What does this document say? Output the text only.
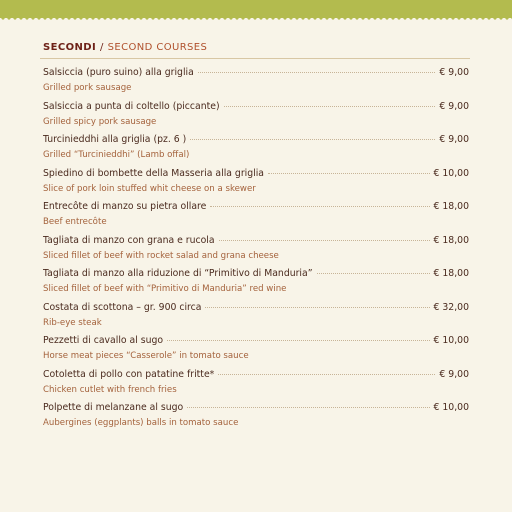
SECONDI / SECOND COURSES
Salsiccia (puro suino) alla griglia	€ 9,00
Grilled pork sausage
Salsiccia a punta di coltello (piccante)	€ 9,00
Grilled spicy pork sausage
Turcinieddhi alla griglia (pz. 6 )	€ 9,00
Grilled “Turcinieddhi” (Lamb offal)
Spiedino di bombette della Masseria alla griglia	€ 10,00
Slice of pork loin stuffed whit cheese on a skewer
Entrecôte di manzo su pietra ollare	€ 18,00
Beef entrecôte
Tagliata di manzo con grana e rucola	€ 18,00
Sliced fillet of beef with rocket salad and grana cheese
Tagliata di manzo alla riduzione di “Primitivo di Manduria”	€ 18,00
Sliced fillet of beef with “Primitivo di Manduria” red wine
Costata di scottona – gr. 900 circa	€ 32,00
Rib-eye steak
Pezzetti di cavallo al sugo	€ 10,00
Horse meat pieces “Casserole” in tomato sauce
Cotoletta di pollo con patatine fritte*	€ 9,00
Chicken cutlet with french fries
Polpette di melanzane al sugo	€ 10,00
Aubergines (eggplants) balls in tomato sauce
